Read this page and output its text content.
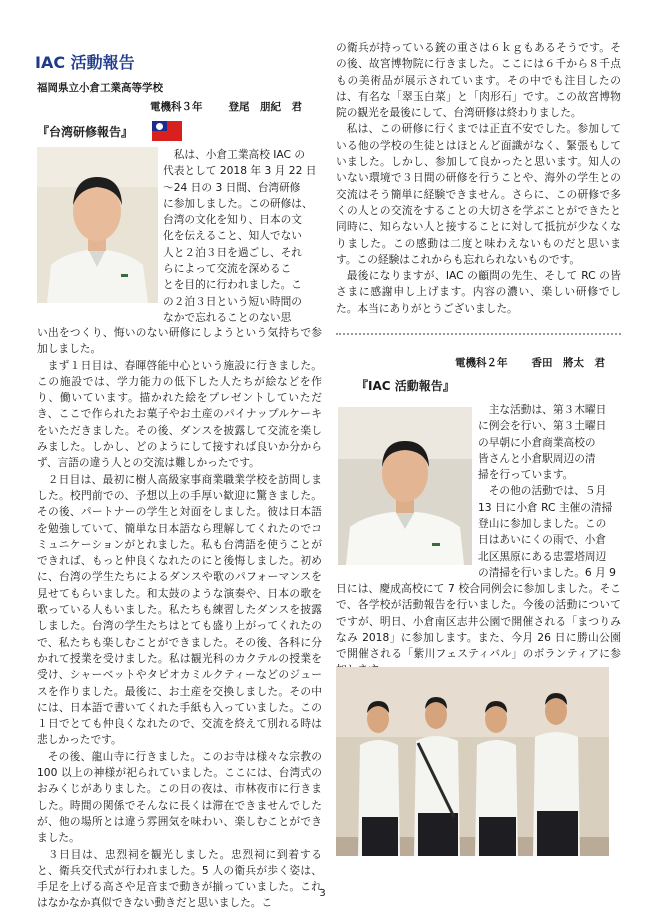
IAC 活動報告
福岡県立小倉工業高等学校
電機科３年 登尾　朋紀　君
『台湾研修報告』
私は、小倉工業高校 IAC の
代表として 2018 年 3 月 22 日
〜24 日の 3 日間、台湾研修
に参加しました。この研修は、
台湾の文化を知り、日本の文
化を伝えること、知人でない
人と２泊３日を過ごし、それ
らによって交流を深めるこ
とを目的に行われました。こ
の２泊３日という短い時間の
なかで忘れることのない思
い出をつくり、悔いのない研修にしようという気持ちで参加しました。
まず１日目は、春暉啓能中心という施設に行きました。この施設では、学力能力の低下した人たちが絵などを作り、働いています。描かれた絵をプレゼントしていただき、ここで作られたお菓子やお土産のパイナップルケーキをいただきました。その後、ダンスを披露して交流を楽しみました。しかし、どのようにして接すれば良いか分からず、言語の違う人との交流は難しかったです。
２日目は、最初に樹人高級家事商業職業学校を訪問しました。校門前での、予想以上の手厚い歓迎に驚きました。その後、パートナーの学生と対面をしました。彼は日本語を勉強していて、簡単な日本語なら理解してくれたのでコミュニケーションがとれました。私も台湾語を使うことができれば、もっと仲良くなれたのにと後悔しました。初めに、台湾の学生たちによるダンスや歌のパフォーマンスを見せてもらいました。和太鼓のような演奏や、日本の歌を歌っている人もいました。私たちも練習したダンスを披露しました。台湾の学生たちはとても盛り上がってくれたので、私たちも楽しむことができました。その後、各科に分かれて授業を受けました。私は観光科のカクテルの授業を受け、シャーベットやタピオカミルクティーなどのジュースを作りました。最後に、お土産を交換しました。その中には、日本語で書いてくれた手紙も入っていました。この１日でとても仲良くなれたので、交流を終えて別れる時は悲しかったです。
その後、龍山寺に行きました。このお寺は様々な宗教の 100 以上の神様が祀られていました。ここには、台湾式のおみくじがありました。この日の夜は、市林夜市に行きました。時間の関係でそんなに長くは滞在できませんでしたが、他の場所とは違う雰囲気を味わい、楽しむことができました。
３日目は、忠烈祠を観光しました。忠烈祠に到着すると、衛兵交代式が行われました。5 人の衛兵が歩く姿は、手足を上げる高さや足音まで動きが揃っていました。これはなかなか真似できない動きだと思いました。こ
の衛兵が持っている銃の重さは６ｋｇもあるそうです。その後、故宮博物院に行きました。ここには６千から８千点もの美術品が展示されています。その中でも注目したのは、有名な「翠玉白菜」と「肉形石」です。この故宮博物院の観光を最後にして、台湾研修は終わりました。
私は、この研修に行くまでは正直不安でした。参加している他の学校の生徒とはほとんど面識がなく、緊張もしていました。しかし、参加して良かったと思います。知人のいない環境で３日間の研修を行うことや、海外の学生との交流はそう簡単に経験できません。さらに、この研修で多くの人との交流をすることの大切さを学ぶことができたと同時に、知らない人と接することに対して抵抗が少なくなりました。この感動は二度と味わえないものだと思います。この経験はこれからも忘れられないものです。
最後になりますが、IAC の顧問の先生、そして RC の皆さまに感謝申し上げます。内容の濃い、楽しい研修でした。本当にありがとうございました。
電機科２年 香田　將太　君
『IAC 活動報告』
主な活動は、第３木曜日
に例会を行い、第３土曜日
の早朝に小倉商業高校の
皆さんと小倉駅周辺の清
掃を行っています。
その他の活動では、５月
13 日に小倉 RC 主催の清掃
登山に参加しました。この
日はあいにくの雨で、小倉
北区黒原にある忠霊塔周辺
の清掃を行いました。6 月 9
日には、慶成高校にて 7 校合同例会に参加しました。そこで、各学校が活動報告を行いました。今後の活動についてですが、明日、小倉南区志井公園で開催される「まつりみなみ 2018」に参加します。また、今月 26 日に勝山公園で開催される「紫川フェスティバル」のボランティアに参
3
